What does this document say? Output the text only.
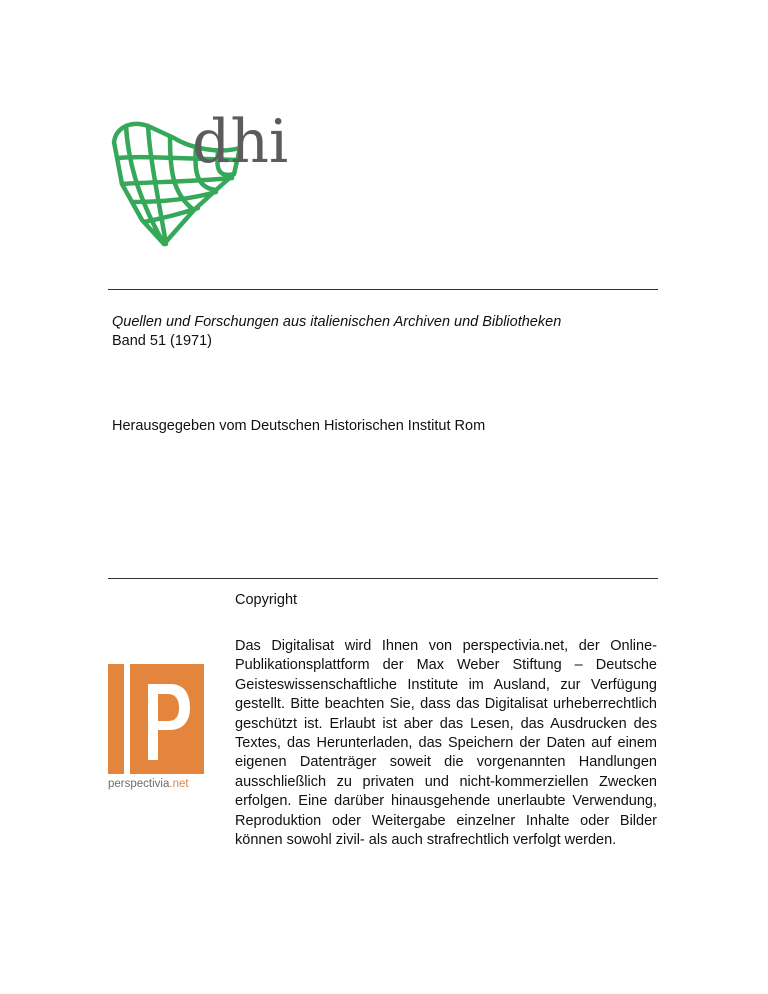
dhi
Quellen und Forschungen aus italienischen Archiven und Bibliotheken
Band 51 (1971)
Herausgegeben vom Deutschen Historischen Institut Rom
Copyright
perspectivia.net
Das Digitalisat wird Ihnen von perspectivia.net, der Online-Publikationsplattform der Max Weber Stiftung – Deutsche Geisteswissenschaftliche Institute im Ausland, zur Verfügung gestellt. Bitte beachten Sie, dass das Digitalisat urheberrechtlich geschützt ist. Erlaubt ist aber das Lesen, das Ausdrucken des Textes, das Herunterladen, das Speichern der Daten auf einem eigenen Datenträger soweit die vorgenannten Handlungen ausschließlich zu privaten und nicht-kommerziellen Zwecken erfolgen. Eine darüber hinausgehende unerlaubte Verwendung, Reproduktion oder Weitergabe einzelner Inhalte oder Bilder können sowohl zivil- als auch strafrechtlich verfolgt werden.
